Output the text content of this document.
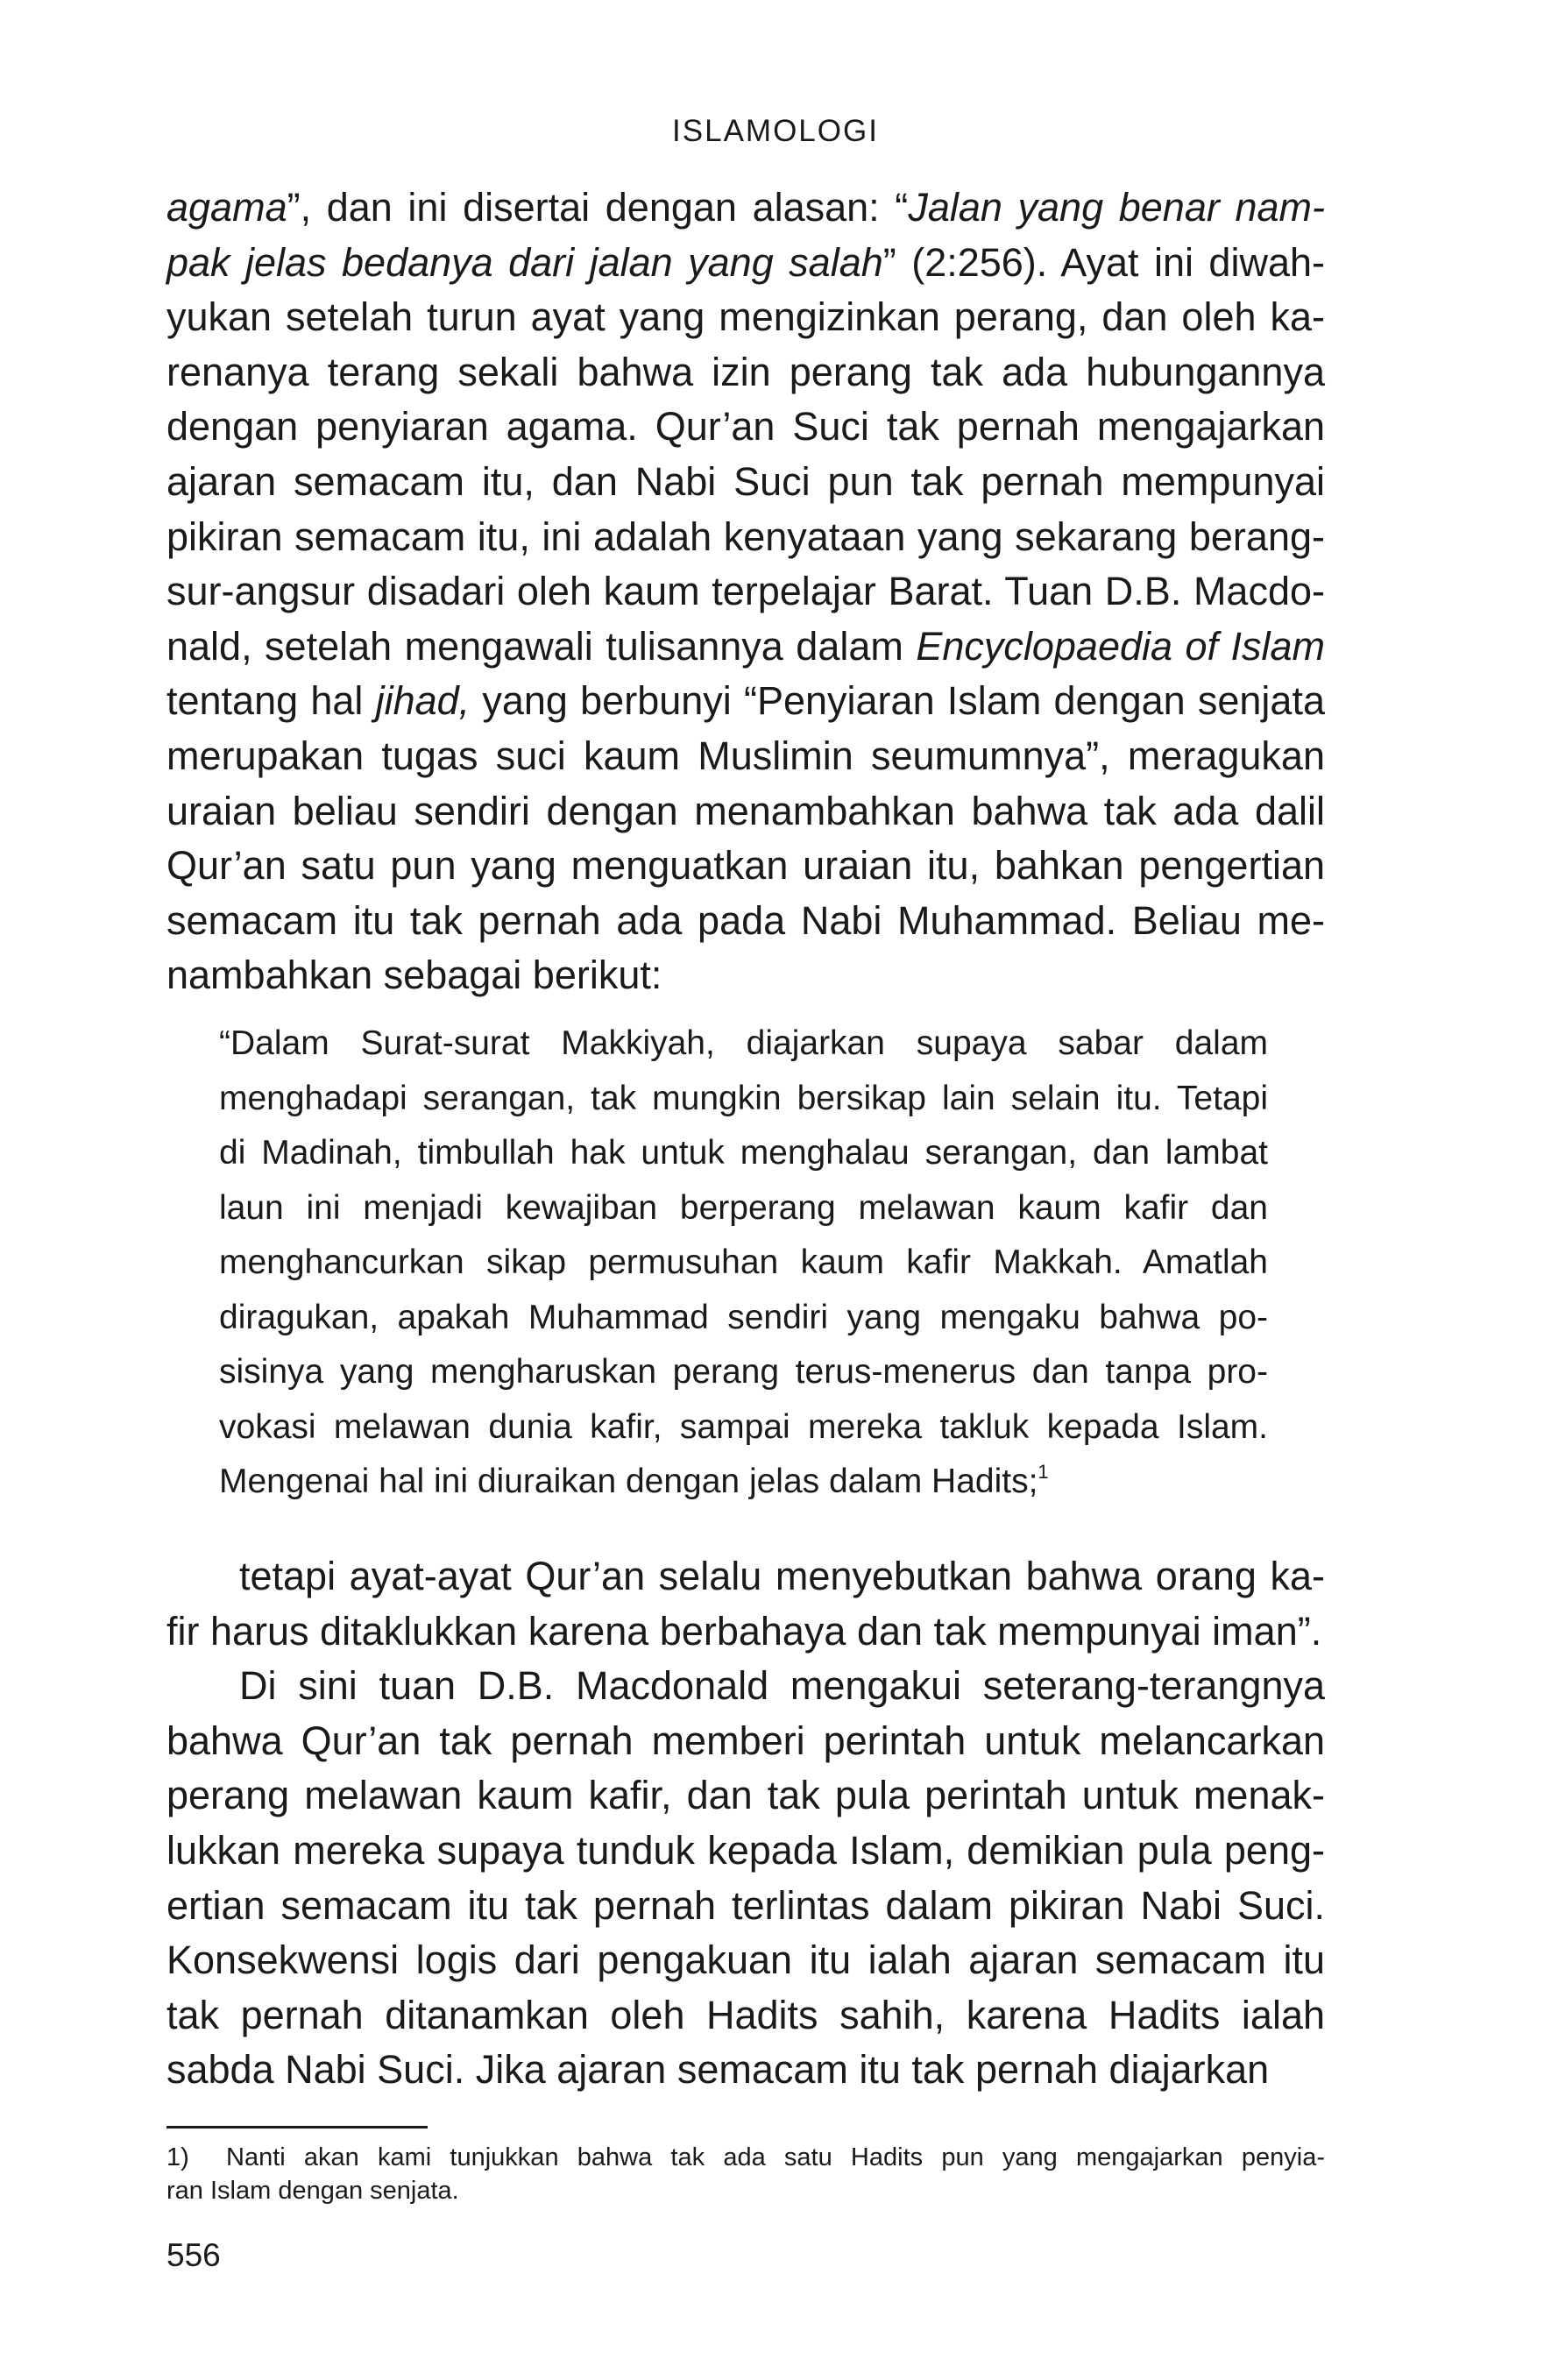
ISLAMOLOGI
agama”, dan ini disertai dengan alasan: “Jalan yang benar nam-
pak jelas bedanya dari jalan yang salah” (2:256). Ayat ini diwah-
yukan setelah turun ayat yang mengizinkan perang, dan oleh ka-
renanya terang sekali bahwa izin perang tak ada hubungannya
dengan penyiaran agama. Qur’an Suci tak pernah mengajarkan
ajaran semacam itu, dan Nabi Suci pun tak pernah mempunyai
pikiran semacam itu, ini adalah kenyataan yang sekarang berang-
sur-angsur disadari oleh kaum terpelajar Barat. Tuan D.B. Macdo-
nald, setelah mengawali tulisannya dalam Encyclopaedia of Islam
tentang hal jihad, yang berbunyi “Penyiaran Islam dengan senjata
merupakan tugas suci kaum Muslimin seumumnya”, meragukan
uraian beliau sendiri dengan menambahkan bahwa tak ada dalil
Qur’an satu pun yang menguatkan uraian itu, bahkan pengertian
semacam itu tak pernah ada pada Nabi Muhammad. Beliau me-
nambahkan sebagai berikut:
“Dalam Surat-surat Makkiyah, diajarkan supaya sabar dalam
menghadapi serangan, tak mungkin bersikap lain selain itu. Tetapi
di Madinah, timbullah hak untuk menghalau serangan, dan lambat
laun ini menjadi kewajiban berperang melawan kaum kafir dan
menghancurkan sikap permusuhan kaum kafir Makkah. Amatlah
diragukan, apakah Muhammad sendiri yang mengaku bahwa po-
sisinya yang mengharuskan perang terus-menerus dan tanpa pro-
vokasi melawan dunia kafir, sampai mereka takluk kepada Islam.
Mengenai hal ini diuraikan dengan jelas dalam Hadits;$^1$
tetapi ayat-ayat Qur’an selalu menyebutkan bahwa orang ka-
fir harus ditaklukkan karena berbahaya dan tak mempunyai iman”.
Di sini tuan D.B. Macdonald mengakui seterang-terangnya
bahwa Qur’an tak pernah memberi perintah untuk melancarkan
perang melawan kaum kafir, dan tak pula perintah untuk menak-
lukkan mereka supaya tunduk kepada Islam, demikian pula peng-
ertian semacam itu tak pernah terlintas dalam pikiran Nabi Suci.
Konsekwensi logis dari pengakuan itu ialah ajaran semacam itu
tak pernah ditanamkan oleh Hadits sahih, karena Hadits ialah
sabda Nabi Suci. Jika ajaran semacam itu tak pernah diajarkan
1) Nanti akan kami tunjukkan bahwa tak ada satu Hadits pun yang mengajarkan penyia-
ran Islam dengan senjata.
556
